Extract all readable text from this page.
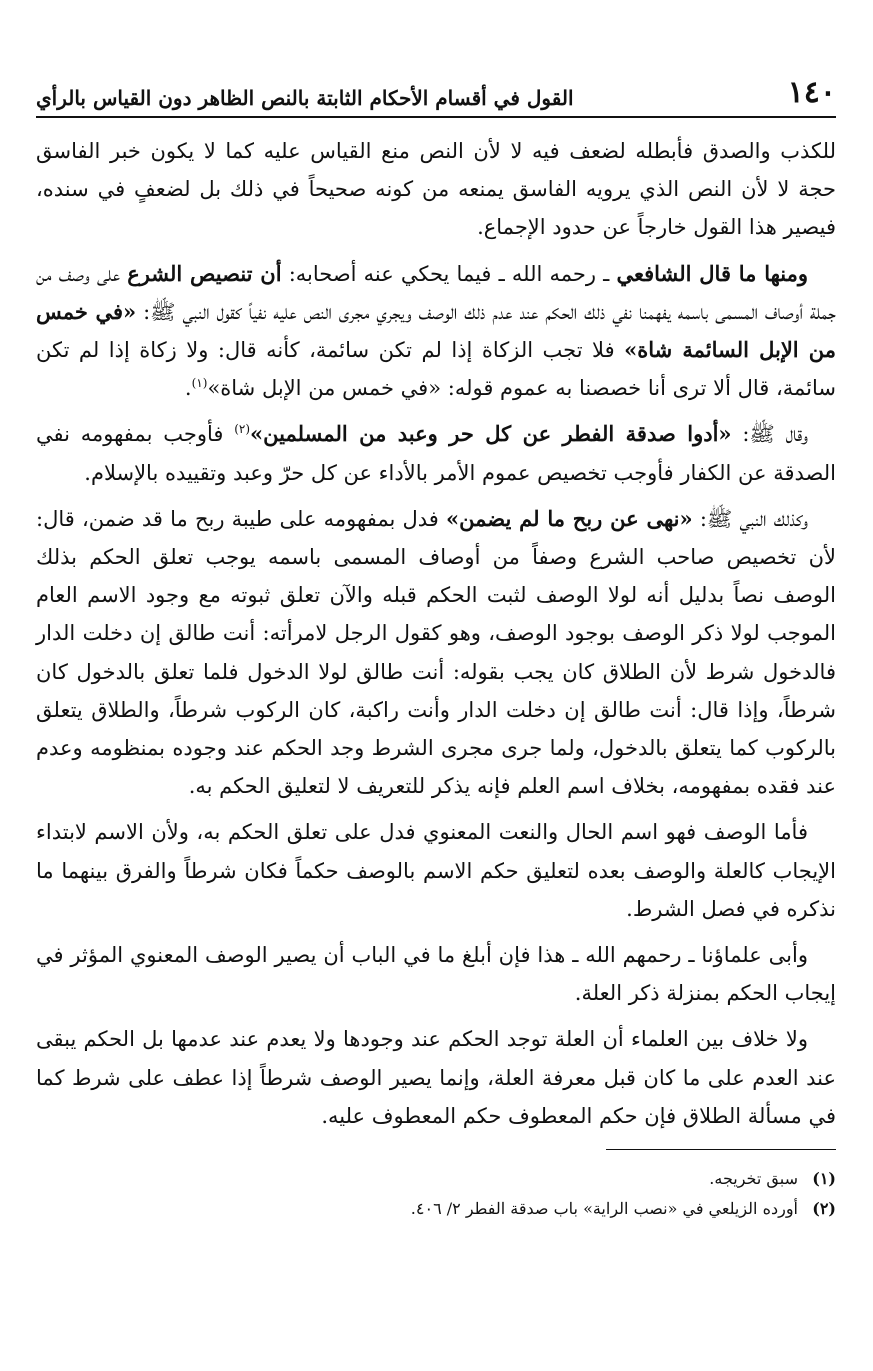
١٤٠
القول في أقسام الأحكام الثابتة بالنص الظاهر دون القياس بالرأي

للكذب والصدق فأبطله لضعف فيه لا لأن النص منع القياس عليه كما لا يكون خبر الفاسق حجة لا لأن النص الذي يرويه الفاسق يمنعه من كونه صحيحاً في ذلك بل لضعفٍ في سنده، فيصير هذا القول خارجاً عن حدود الإجماع.

ومنها ما قال الشافعي ـ رحمه الله ـ فيما يحكي عنه أصحابه: أن تنصيص الشرع على وصف من جملة أوصاف المسمى باسمه يفهمنا نفي ذلك الحكم عند عدم ذلك الوصف ويجري مجرى النص عليه نفياً كقول النبي ﷺ: «في خمس من الإبل السائمة شاة» فلا تجب الزكاة إذا لم تكن سائمة، كأنه قال: ولا زكاة إذا لم تكن سائمة، قال ألا ترى أنا خصصنا به عموم قوله: «في خمس من الإبل شاة»$^{(١)}$.

وقال ﷺ: «أدوا صدقة الفطر عن كل حر وعبد من المسلمين»$^{(٢)}$ فأوجب بمفهومه نفي الصدقة عن الكفار فأوجب تخصيص عموم الأمر بالأداء عن كل حرّ وعبد وتقييده بالإسلام.

وكذلك النبي ﷺ: «نهى عن ربح ما لم يضمن» فدل بمفهومه على طيبة ربح ما قد ضمن، قال: لأن تخصيص صاحب الشرع وصفاً من أوصاف المسمى باسمه يوجب تعلق الحكم بذلك الوصف نصاً بدليل أنه لولا الوصف لثبت الحكم قبله والآن تعلق ثبوته مع وجود الاسم العام الموجب لولا ذكر الوصف بوجود الوصف، وهو كقول الرجل لامرأته: أنت طالق إن دخلت الدار فالدخول شرط لأن الطلاق كان يجب بقوله: أنت طالق لولا الدخول فلما تعلق بالدخول كان شرطاً، وإذا قال: أنت طالق إن دخلت الدار وأنت راكبة، كان الركوب شرطاً، والطلاق يتعلق بالركوب كما يتعلق بالدخول، ولما جرى مجرى الشرط وجد الحكم عند وجوده بمنظومه وعدم عند فقده بمفهومه، بخلاف اسم العلم فإنه يذكر للتعريف لا لتعليق الحكم به.

فأما الوصف فهو اسم الحال والنعت المعنوي فدل على تعلق الحكم به، ولأن الاسم لابتداء الإيجاب كالعلة والوصف بعده لتعليق حكم الاسم بالوصف حكماً فكان شرطاً والفرق بينهما ما نذكره في فصل الشرط.

وأبى علماؤنا ـ رحمهم الله ـ هذا فإن أبلغ ما في الباب أن يصير الوصف المعنوي المؤثر في إيجاب الحكم بمنزلة ذكر العلة.

ولا خلاف بين العلماء أن العلة توجد الحكم عند وجودها ولا يعدم عند عدمها بل الحكم يبقى عند العدم على ما كان قبل معرفة العلة، وإنما يصير الوصف شرطاً إذا عطف على شرط كما في مسألة الطلاق فإن حكم المعطوف حكم المعطوف عليه.

(١)سبق تخريجه.

(٢)أورده الزيلعي في «نصب الراية» باب صدقة الفطر ٢/ ٤٠٦.
